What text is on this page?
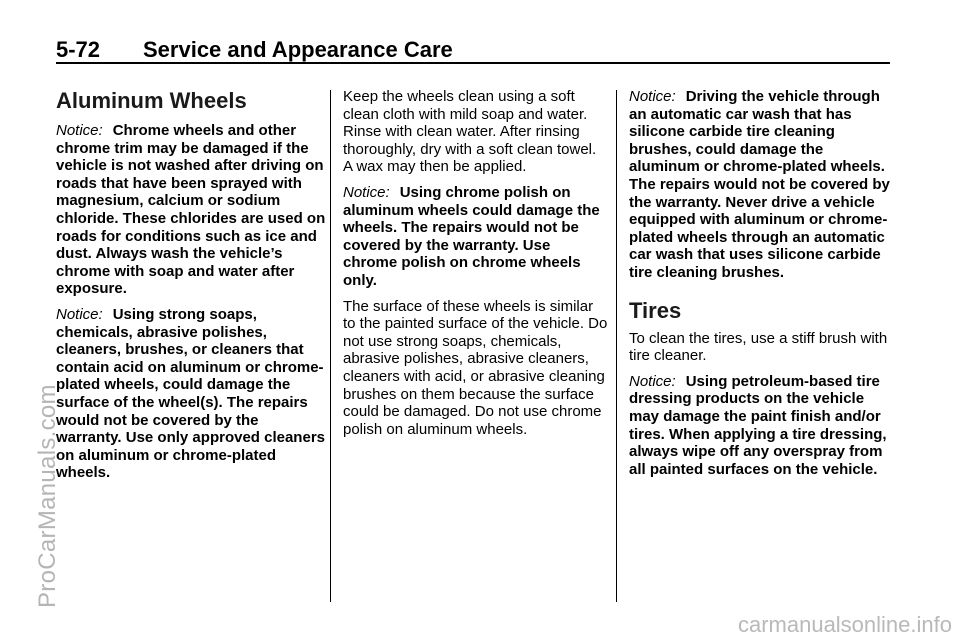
5-72 Service and Appearance Care
Aluminum Wheels

Notice: Chrome wheels and other chrome trim may be damaged if the vehicle is not washed after driving on roads that have been sprayed with magnesium, calcium or sodium chloride. These chlorides are used on roads for conditions such as ice and dust. Always wash the vehicle’s chrome with soap and water after exposure.

Notice: Using strong soaps, chemicals, abrasive polishes, cleaners, brushes, or cleaners that contain acid on aluminum or chrome-plated wheels, could damage the surface of the wheel(s). The repairs would not be covered by the warranty. Use only approved cleaners on aluminum or chrome-plated wheels.

Keep the wheels clean using a soft clean cloth with mild soap and water. Rinse with clean water. After rinsing thoroughly, dry with a soft clean towel. A wax may then be applied.

Notice: Using chrome polish on aluminum wheels could damage the wheels. The repairs would not be covered by the warranty. Use chrome polish on chrome wheels only.

The surface of these wheels is similar to the painted surface of the vehicle. Do not use strong soaps, chemicals, abrasive polishes, abrasive cleaners, cleaners with acid, or abrasive cleaning brushes on them because the surface could be damaged. Do not use chrome polish on aluminum wheels.

Notice: Driving the vehicle through an automatic car wash that has silicone carbide tire cleaning brushes, could damage the aluminum or chrome-plated wheels. The repairs would not be covered by the warranty. Never drive a vehicle equipped with aluminum or chrome-plated wheels through an automatic car wash that uses silicone carbide tire cleaning brushes.

Tires

To clean the tires, use a stiff brush with tire cleaner.

Notice: Using petroleum-based tire dressing products on the vehicle may damage the paint finish and/or tires. When applying a tire dressing, always wipe off any overspray from all painted surfaces on the vehicle.

ProCarManuals.com
carmanualsonline.info
